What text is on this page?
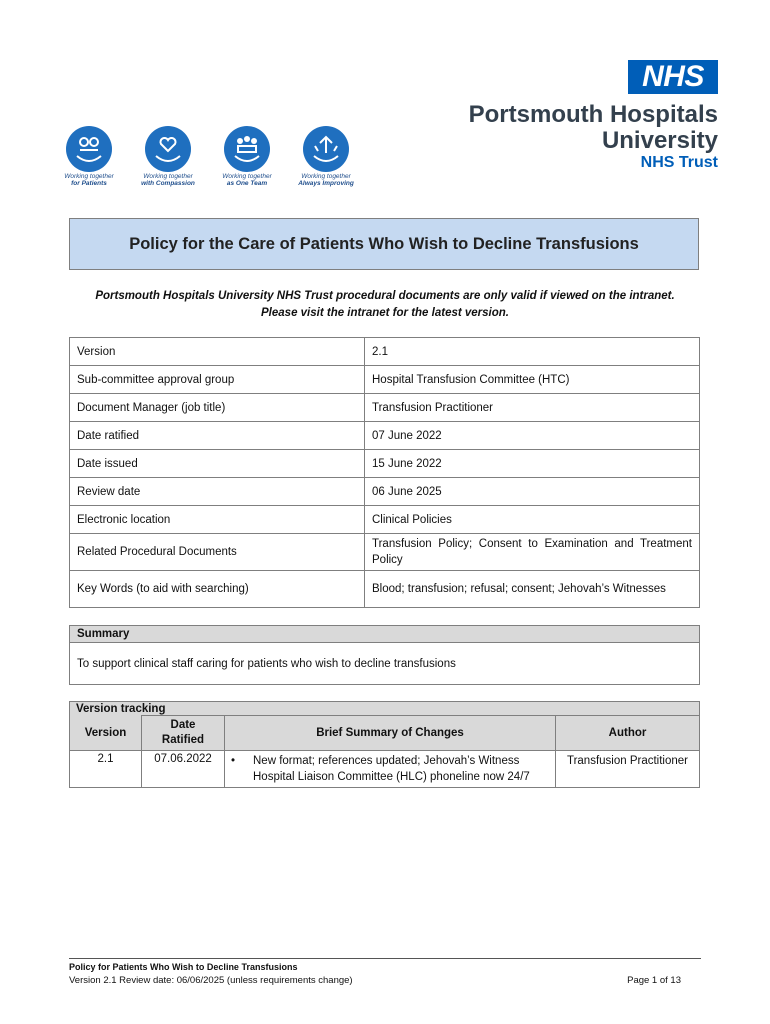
Working together
for Patients
Working together
with Compassion
Working together
as One Team
Working together
Always Improving
NHS
Portsmouth Hospitals
University
NHS Trust
Policy for the Care of Patients Who Wish to Decline Transfusions
Portsmouth Hospitals University NHS Trust procedural documents are only valid if viewed on the intranet.
Please visit the intranet for the latest version.
Version	2.1
Sub-committee approval group	Hospital Transfusion Committee (HTC)
Document Manager (job title)	Transfusion Practitioner
Date ratified	07 June 2022
Date issued	15 June 2022
Review date	06 June 2025
Electronic location	Clinical Policies
Related Procedural Documents	Transfusion Policy; Consent to Examination and Treatment Policy
Key Words (to aid with searching)	Blood; transfusion; refusal; consent; Jehovah’s Witnesses
Summary
To support clinical staff caring for patients who wish to decline transfusions
Version tracking			
Version	Date Ratified	Brief Summary of Changes	Author
2.1	07.06.2022	• New format; references updated; Jehovah’s Witness Hospital Liaison Committee (HLC) phoneline now 24/7	Transfusion Practitioner
Policy for Patients Who Wish to Decline Transfusions
Version 2.1 Review date: 06/06/2025 (unless requirements change)	Page 1 of 13
